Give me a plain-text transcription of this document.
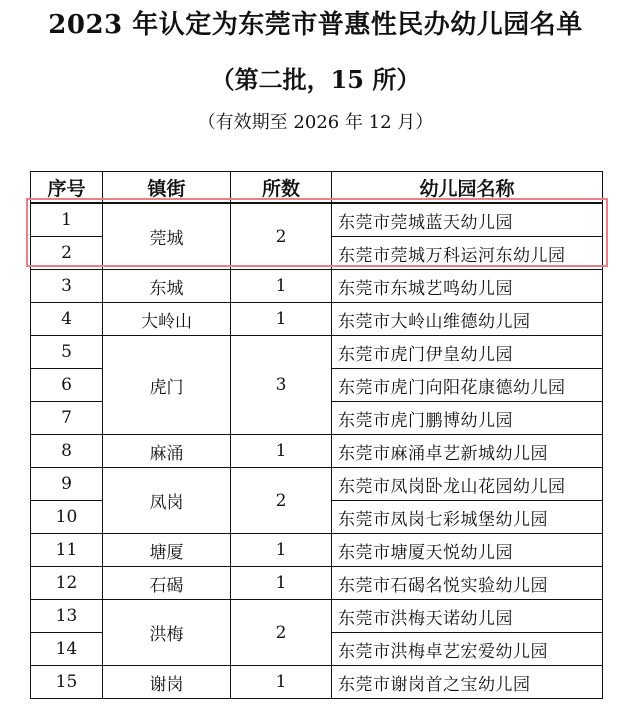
2023 年认定为东莞市普惠性民办幼儿园名单
（第二批，15 所）
（有效期至 2026 年 12 月）
序号	镇街	所数	幼儿园名称
1	莞城	2	东莞市莞城蓝天幼儿园
2			东莞市莞城万科运河东幼儿园
3	东城	1	东莞市东城艺鸣幼儿园
4	大岭山	1	东莞市大岭山维德幼儿园
5	虎门	3	东莞市虎门伊皇幼儿园
6			东莞市虎门向阳花康德幼儿园
7			东莞市虎门鹏博幼儿园
8	麻涌	1	东莞市麻涌卓艺新城幼儿园
9	凤岗	2	东莞市凤岗卧龙山花园幼儿园
10			东莞市凤岗七彩城堡幼儿园
11	塘厦	1	东莞市塘厦天悦幼儿园
12	石碣	1	东莞市石碣名悦实验幼儿园
13	洪梅	2	东莞市洪梅天诺幼儿园
14			东莞市洪梅卓艺宏爱幼儿园
15	谢岗	1	东莞市谢岗首之宝幼儿园
